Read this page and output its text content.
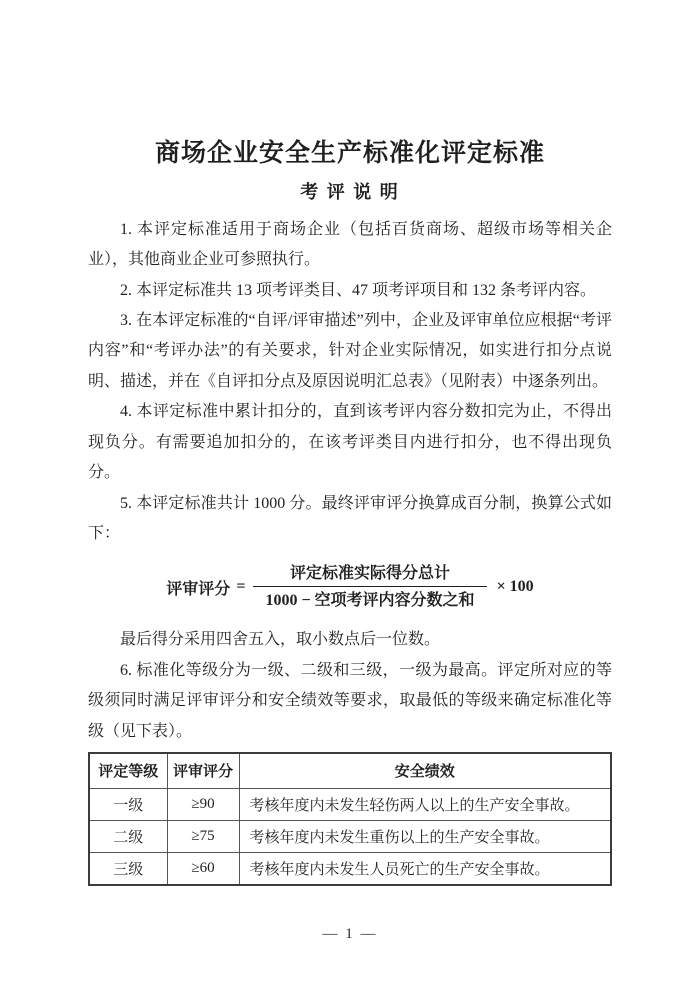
商场企业安全生产标准化评定标准
考 评 说 明

1. 本评定标准适用于商场企业（包括百货商场、超级市场等相关企业），其他商业企业可参照执行。

2. 本评定标准共 13 项考评类目、47 项考评项目和 132 条考评内容。

3. 在本评定标准的“自评/评审描述”列中，企业及评审单位应根据“考评内容”和“考评办法”的有关要求，针对企业实际情况，如实进行扣分点说明、描述，并在《自评扣分点及原因说明汇总表》（见附表）中逐条列出。

4. 本评定标准中累计扣分的，直到该考评内容分数扣完为止，不得出现负分。有需要追加扣分的，在该考评类目内进行扣分，也不得出现负分。

5. 本评定标准共计 1000 分。最终评审评分换算成百分制，换算公式如下：

评审评分 = $\frac{\text{评定标准实际得分总计}}{\text{1000 − 空项考评内容分数之和}} \times 100$

最后得分采用四舍五入，取小数点后一位数。

6. 标准化等级分为一级、二级和三级，一级为最高。评定所对应的等级须同时满足评审评分和安全绩效等要求，取最低的等级来确定标准化等级（见下表）。

评定等级	评审评分	安全绩效
一级	≥90	考核年度内未发生轻伤两人以上的生产安全事故。
二级	≥75	考核年度内未发生重伤以上的生产安全事故。
三级	≥60	考核年度内未发生人员死亡的生产安全事故。
— 1 —
